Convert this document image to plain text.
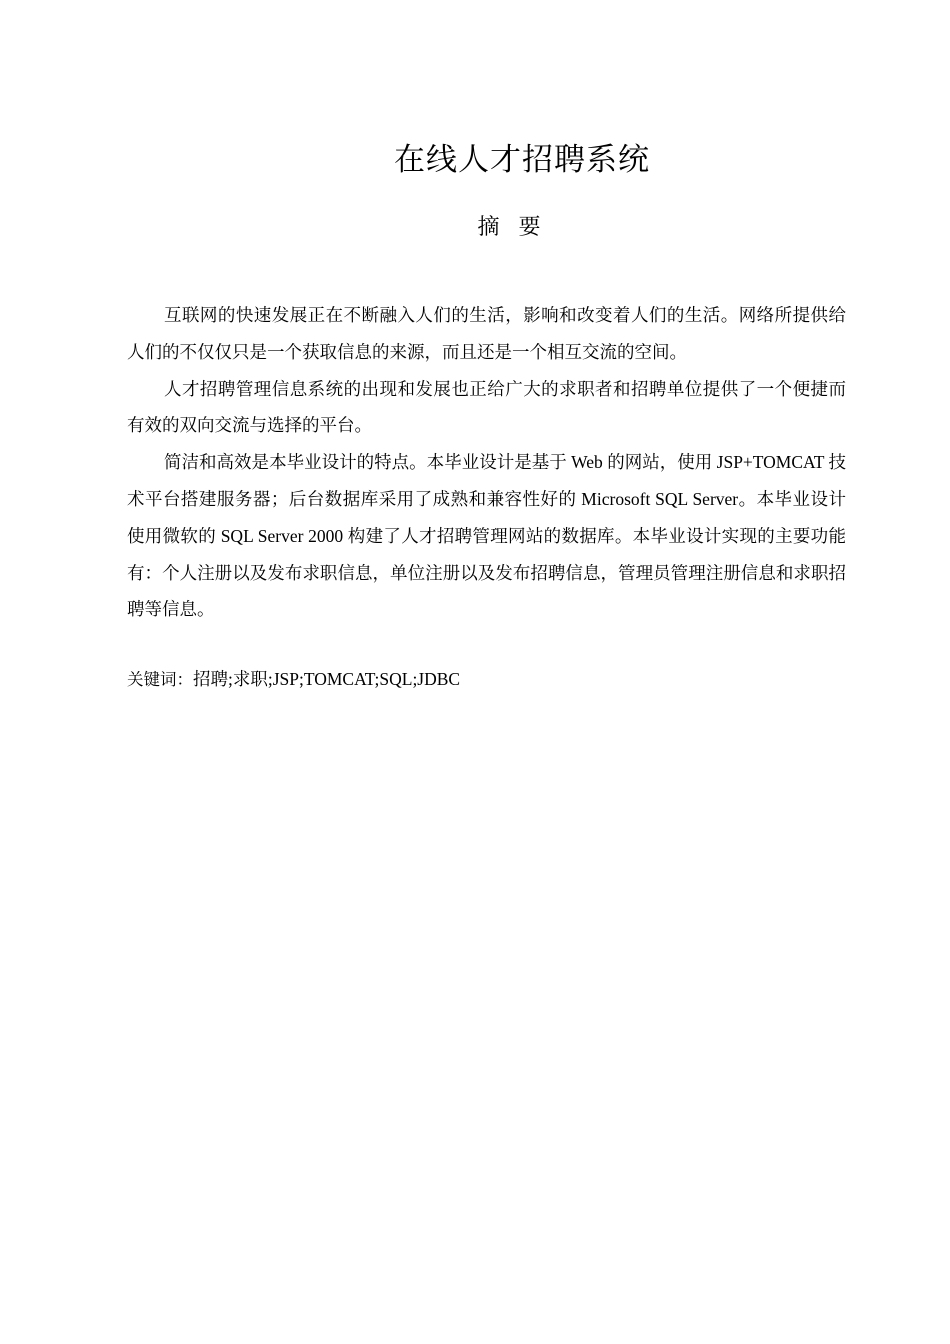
在线人才招聘系统
摘 要

互联网的快速发展正在不断融入人们的生活，影响和改变着人们的生活。网络所提供给人们的不仅仅只是一个获取信息的来源，而且还是一个相互交流的空间。

人才招聘管理信息系统的出现和发展也正给广大的求职者和招聘单位提供了一个便捷而有效的双向交流与选择的平台。

简洁和高效是本毕业设计的特点。本毕业设计是基于 Web 的网站，使用 JSP+TOMCAT 技术平台搭建服务器；后台数据库采用了成熟和兼容性好的 Microsoft SQL Server。本毕业设计使用微软的 SQL Server 2000 构建了人才招聘管理网站的数据库。本毕业设计实现的主要功能有：个人注册以及发布求职信息，单位注册以及发布招聘信息，管理员管理注册信息和求职招聘等信息。

关键词：招聘;求职;JSP;TOMCAT;SQL;JDBC
